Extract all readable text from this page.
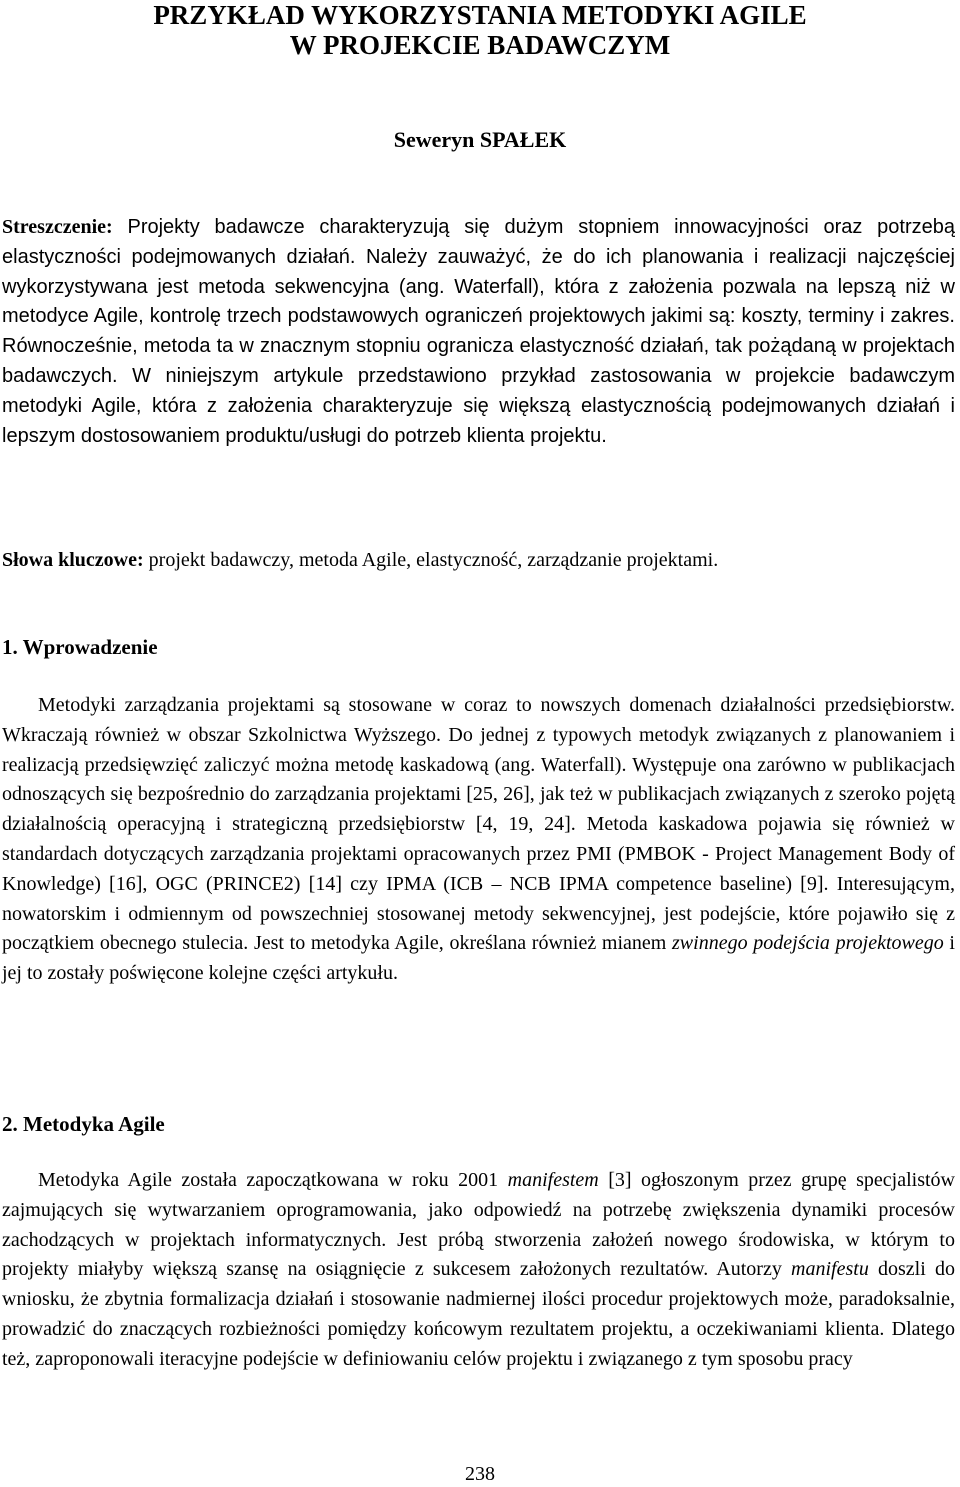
PRZYKŁAD WYKORZYSTANIA METODYKI AGILE
W PROJEKCIE BADAWCZYM

Seweryn SPAŁEK

Streszczenie: Projekty badawcze charakteryzują się dużym stopniem innowacyjności oraz potrzebą elastyczności podejmowanych działań. Należy zauważyć, że do ich planowania i realizacji najczęściej wykorzystywana jest metoda sekwencyjna (ang. Waterfall), która z założenia pozwala na lepszą niż w metodyce Agile, kontrolę trzech podstawowych ograniczeń projektowych jakimi są: koszty, terminy i zakres. Równocześnie, metoda ta w znacznym stopniu ogranicza elastyczność działań, tak pożądaną w projektach badawczych. W niniejszym artykule przedstawiono przykład zastosowania w projekcie badawczym metodyki Agile, która z założenia charakteryzuje się większą elastycznością podejmowanych działań i lepszym dostosowaniem produktu/usługi do potrzeb klienta projektu.

Słowa kluczowe: projekt badawczy, metoda Agile, elastyczność, zarządzanie projektami.

1. Wprowadzenie

Metodyki zarządzania projektami są stosowane w coraz to nowszych domenach działalności przedsiębiorstw. Wkraczają również w obszar Szkolnictwa Wyższego. Do jednej z typowych metodyk związanych z planowaniem i realizacją przedsięwzięć zaliczyć można metodę kaskadową (ang. Waterfall). Występuje ona zarówno w publikacjach odnoszących się bezpośrednio do zarządzania projektami [25, 26], jak też w publikacjach związanych z szeroko pojętą działalnością operacyjną i strategiczną przedsiębiorstw [4, 19, 24]. Metoda kaskadowa pojawia się również w standardach dotyczących zarządzania projektami opracowanych przez PMI (PMBOK - Project Management Body of Knowledge) [16], OGC (PRINCE2) [14] czy IPMA (ICB – NCB IPMA competence baseline) [9]. Interesującym, nowatorskim i odmiennym od powszechniej stosowanej metody sekwencyjnej, jest podejście, które pojawiło się z początkiem obecnego stulecia. Jest to metodyka Agile, określana również mianem zwinnego podejścia projektowego i jej to zostały poświęcone kolejne części artykułu.

2. Metodyka Agile

Metodyka Agile została zapoczątkowana w roku 2001 manifestem [3] ogłoszonym przez grupę specjalistów zajmujących się wytwarzaniem oprogramowania, jako odpowiedź na potrzebę zwiększenia dynamiki procesów zachodzących w projektach informatycznych. Jest próbą stworzenia założeń nowego środowiska, w którym to projekty miałyby większą szansę na osiągnięcie z sukcesem założonych rezultatów. Autorzy manifestu doszli do wniosku, że zbytnia formalizacja działań i stosowanie nadmiernej ilości procedur projektowych może, paradoksalnie, prowadzić do znaczących rozbieżności pomiędzy końcowym rezultatem projektu, a oczekiwaniami klienta. Dlatego też, zaproponowali iteracyjne podejście w definiowaniu celów projektu i związanego z tym sposobu pracy

238
